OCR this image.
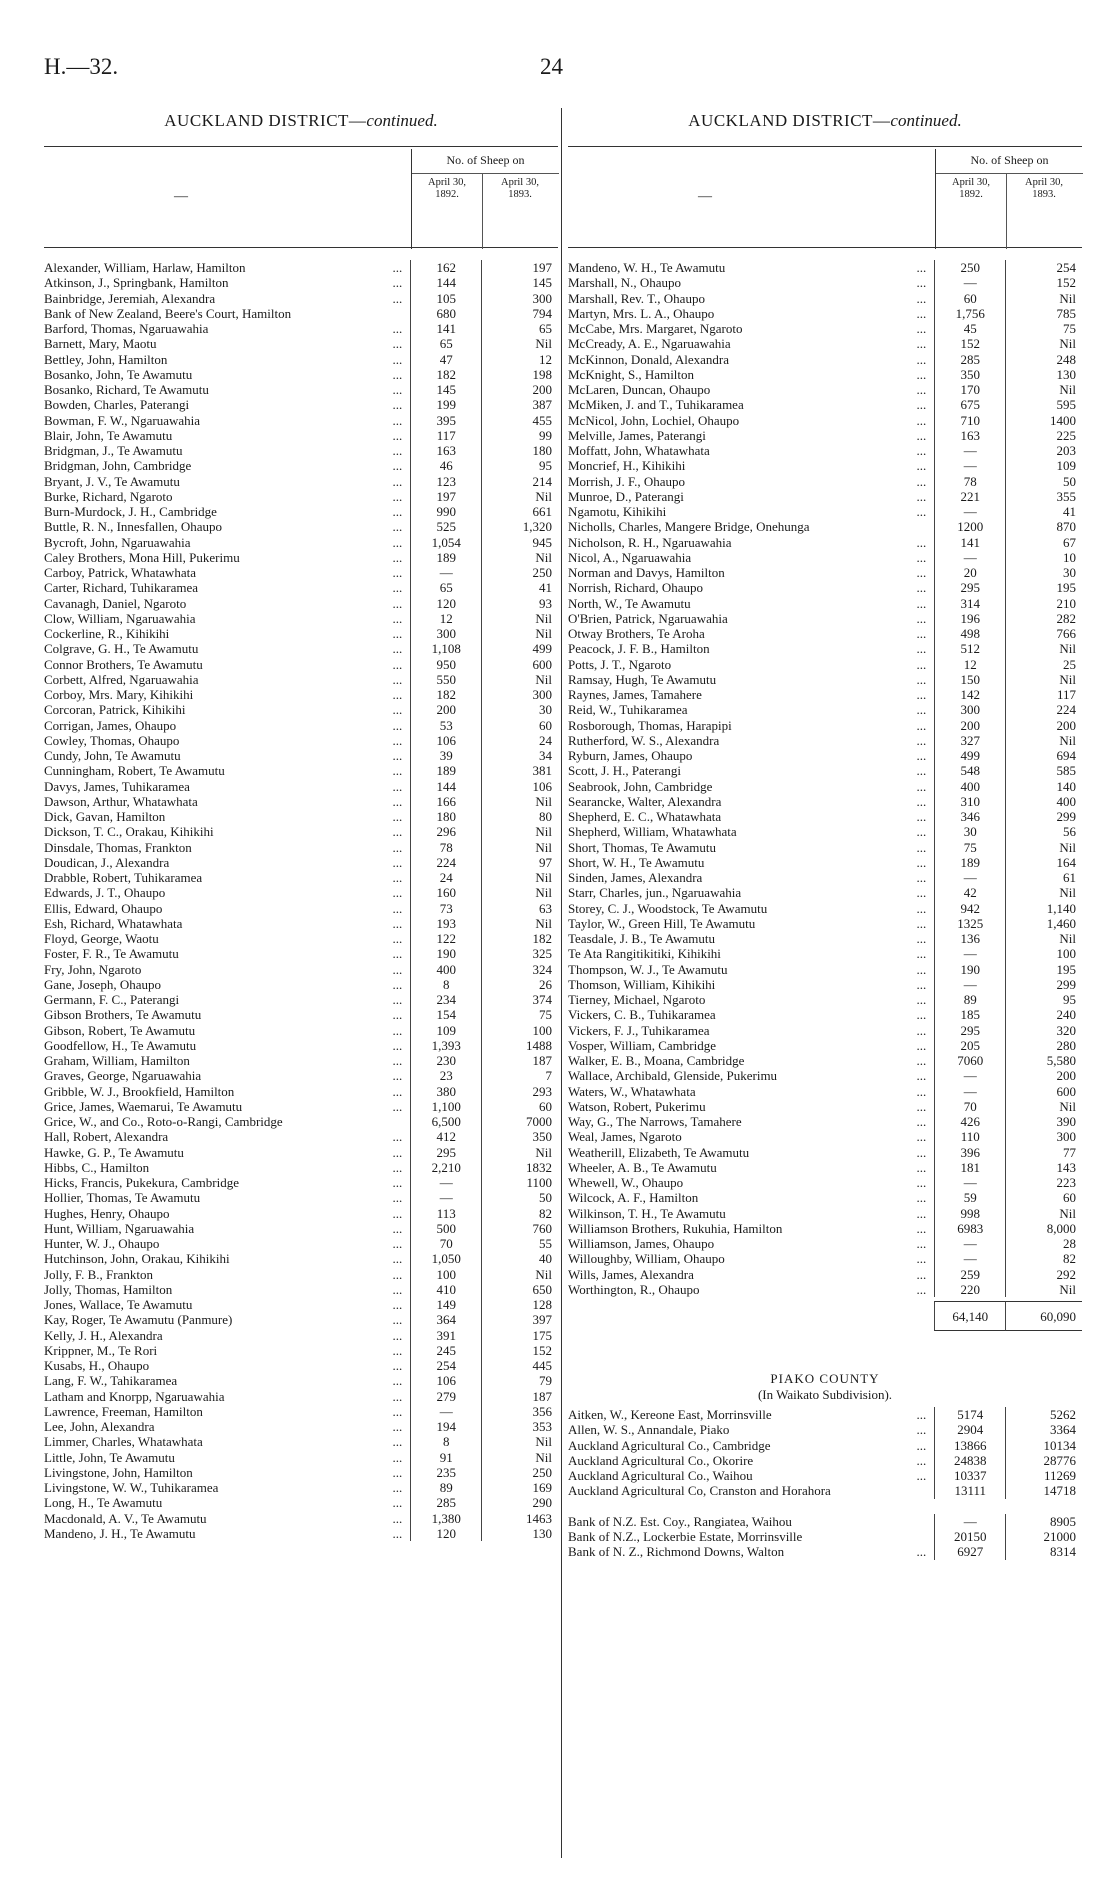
H.—32.	24
AUCKLAND DISTRICT—continued.
—
No. of Sheep on
April 30,
1892.
April 30,
1893.
Alexander, William, Harlaw, Hamilton	...	162	197
Atkinson, J., Springbank, Hamilton	...	144	145
Bainbridge, Jeremiah, Alexandra	...	105	300
Bank of New Zealand, Beere's Court, Hamilton	680	794
Barford, Thomas, Ngaruawahia	...	141	65
Barnett, Mary, Maotu	...	65	Nil
Bettley, John, Hamilton	...	47	12
Bosanko, John, Te Awamutu	...	182	198
Bosanko, Richard, Te Awamutu	...	145	200
Bowden, Charles, Paterangi	...	199	387
Bowman, F. W., Ngaruawahia	...	395	455
Blair, John, Te Awamutu	...	117	99
Bridgman, J., Te Awamutu	...	163	180
Bridgman, John, Cambridge	...	46	95
Bryant, J. V., Te Awamutu	...	123	214
Burke, Richard, Ngaroto	...	197	Nil
Burn-Murdock, J. H., Cambridge	...	990	661
Buttle, R. N., Innesfallen, Ohaupo	...	525	1,320
Bycroft, John, Ngaruawahia	...	1,054	945
Caley Brothers, Mona Hill, Pukerimu	...	189	Nil
Carboy, Patrick, Whatawhata	...	—	250
Carter, Richard, Tuhikaramea	...	65	41
Cavanagh, Daniel, Ngaroto	...	120	93
Clow, William, Ngaruawahia	...	12	Nil
Cockerline, R., Kihikihi	...	300	Nil
Colgrave, G. H., Te Awamutu	...	1,108	499
Connor Brothers, Te Awamutu	...	950	600
Corbett, Alfred, Ngaruawahia	...	550	Nil
Corboy, Mrs. Mary, Kihikihi	...	182	300
Corcoran, Patrick, Kihikihi	...	200	30
Corrigan, James, Ohaupo	...	53	60
Cowley, Thomas, Ohaupo	...	106	24
Cundy, John, Te Awamutu	...	39	34
Cunningham, Robert, Te Awamutu	...	189	381
Davys, James, Tuhikaramea	...	144	106
Dawson, Arthur, Whatawhata	...	166	Nil
Dick, Gavan, Hamilton	...	180	80
Dickson, T. C., Orakau, Kihikihi	...	296	Nil
Dinsdale, Thomas, Frankton	...	78	Nil
Doudican, J., Alexandra	...	224	97
Drabble, Robert, Tuhikaramea	...	24	Nil
Edwards, J. T., Ohaupo	...	160	Nil
Ellis, Edward, Ohaupo	...	73	63
Esh, Richard, Whatawhata	...	193	Nil
Floyd, George, Waotu	...	122	182
Foster, F. R., Te Awamutu	...	190	325
Fry, John, Ngaroto	...	400	324
Gane, Joseph, Ohaupo	...	8	26
Germann, F. C., Paterangi	...	234	374
Gibson Brothers, Te Awamutu	...	154	75
Gibson, Robert, Te Awamutu	...	109	100
Goodfellow, H., Te Awamutu	...	1,393	1488
Graham, William, Hamilton	...	230	187
Graves, George, Ngaruawahia	...	23	7
Gribble, W. J., Brookfield, Hamilton	...	380	293
Grice, James, Waemarui, Te Awamutu	...	1,100	60
Grice, W., and Co., Roto-o-Rangi, Cambridge	6,500	7000
Hall, Robert, Alexandra	...	412	350
Hawke, G. P., Te Awamutu	...	295	Nil
Hibbs, C., Hamilton	...	2,210	1832
Hicks, Francis, Pukekura, Cambridge	...	—	1100
Hollier, Thomas, Te Awamutu	...	—	50
Hughes, Henry, Ohaupo	...	113	82
Hunt, William, Ngaruawahia	...	500	760
Hunter, W. J., Ohaupo	...	70	55
Hutchinson, John, Orakau, Kihikihi	...	1,050	40
Jolly, F. B., Frankton	...	100	Nil
Jolly, Thomas, Hamilton	...	410	650
Jones, Wallace, Te Awamutu	...	149	128
Kay, Roger, Te Awamutu (Panmure)	...	364	397
Kelly, J. H., Alexandra	...	391	175
Krippner, M., Te Rori	...	245	152
Kusabs, H., Ohaupo	...	254	445
Lang, F. W., Tahikaramea	...	106	79
Latham and Knorpp, Ngaruawahia	...	279	187
Lawrence, Freeman, Hamilton	...	—	356
Lee, John, Alexandra	...	194	353
Limmer, Charles, Whatawhata	...	8	Nil
Little, John, Te Awamutu	...	91	Nil
Livingstone, John, Hamilton	...	235	250
Livingstone, W. W., Tuhikaramea	...	89	169
Long, H., Te Awamutu	...	285	290
Macdonald, A. V., Te Awamutu	...	1,380	1463
Mandeno, J. H., Te Awamutu	...	120	130
AUCKLAND DISTRICT—continued.
—
No. of Sheep on
April 30,
1892.
April 30,
1893.
Mandeno, W. H., Te Awamutu	...	250	254
Marshall, N., Ohaupo	...	—	152
Marshall, Rev. T., Ohaupo	...	60	Nil
Martyn, Mrs. L. A., Ohaupo	...	1,756	785
McCabe, Mrs. Margaret, Ngaroto	...	45	75
McCready, A. E., Ngaruawahia	...	152	Nil
McKinnon, Donald, Alexandra	...	285	248
McKnight, S., Hamilton	...	350	130
McLaren, Duncan, Ohaupo	...	170	Nil
McMiken, J. and T., Tuhikaramea	...	675	595
McNicol, John, Lochiel, Ohaupo	...	710	1400
Melville, James, Paterangi	...	163	225
Moffatt, John, Whatawhata	...	—	203
Moncrief, H., Kihikihi	...	—	109
Morrish, J. F., Ohaupo	...	78	50
Munroe, D., Paterangi	...	221	355
Ngamotu, Kihikihi	...	—	41
Nicholls, Charles, Mangere Bridge, Onehunga	1200	870
Nicholson, R. H., Ngaruawahia	...	141	67
Nicol, A., Ngaruawahia	...	—	10
Norman and Davys, Hamilton	...	20	30
Norrish, Richard, Ohaupo	...	295	195
North, W., Te Awamutu	...	314	210
O'Brien, Patrick, Ngaruawahia	...	196	282
Otway Brothers, Te Aroha	...	498	766
Peacock, J. F. B., Hamilton	...	512	Nil
Potts, J. T., Ngaroto	...	12	25
Ramsay, Hugh, Te Awamutu	...	150	Nil
Raynes, James, Tamahere	...	142	117
Reid, W., Tuhikaramea	...	300	224
Rosborough, Thomas, Harapipi	...	200	200
Rutherford, W. S., Alexandra	...	327	Nil
Ryburn, James, Ohaupo	...	499	694
Scott, J. H., Paterangi	...	548	585
Seabrook, John, Cambridge	...	400	140
Searancke, Walter, Alexandra	...	310	400
Shepherd, E. C., Whatawhata	...	346	299
Shepherd, William, Whatawhata	...	30	56
Short, Thomas, Te Awamutu	...	75	Nil
Short, W. H., Te Awamutu	...	189	164
Sinden, James, Alexandra	...	—	61
Starr, Charles, jun., Ngaruawahia	...	42	Nil
Storey, C. J., Woodstock, Te Awamutu	...	942	1,140
Taylor, W., Green Hill, Te Awamutu	...	1325	1,460
Teasdale, J. B., Te Awamutu	...	136	Nil
Te Ata Rangitikitiki, Kihikihi	...	—	100
Thompson, W. J., Te Awamutu	...	190	195
Thomson, William, Kihikihi	...	—	299
Tierney, Michael, Ngaroto	...	89	95
Vickers, C. B., Tuhikaramea	...	185	240
Vickers, F. J., Tuhikaramea	...	295	320
Vosper, William, Cambridge	...	205	280
Walker, E. B., Moana, Cambridge	...	7060	5,580
Wallace, Archibald, Glenside, Pukerimu	...	—	200
Waters, W., Whatawhata	...	—	600
Watson, Robert, Pukerimu	...	70	Nil
Way, G., The Narrows, Tamahere	...	426	390
Weal, James, Ngaroto	...	110	300
Weatherill, Elizabeth, Te Awamutu	...	396	77
Wheeler, A. B., Te Awamutu	...	181	143
Whewell, W., Ohaupo	...	—	223
Wilcock, A. F., Hamilton	...	59	60
Wilkinson, T. H., Te Awamutu	...	998	Nil
Williamson Brothers, Rukuhia, Hamilton	...	6983	8,000
Williamson, James, Ohaupo	...	—	28
Willoughby, William, Ohaupo	...	—	82
Wills, James, Alexandra	...	259	292
Worthington, R., Ohaupo	...	220	Nil
64,140	60,090
PIAKO COUNTY
(In Waikato Subdivision).
Aitken, W., Kereone East, Morrinsville	...	5174	5262
Allen, W. S., Annandale, Piako	...	2904	3364
Auckland Agricultural Co., Cambridge	...	13866	10134
Auckland Agricultural Co., Okorire	...	24838	28776
Auckland Agricultural Co., Waihou	...	10337	11269
Auckland Agricultural Co, Cranston and Horahora	13111	14718
Bank of N.Z. Est. Coy., Rangiatea, Waihou	—	8905
Bank of N.Z., Lockerbie Estate, Morrinsville	20150	21000
Bank of N. Z., Richmond Downs, Walton	...	6927	8314
